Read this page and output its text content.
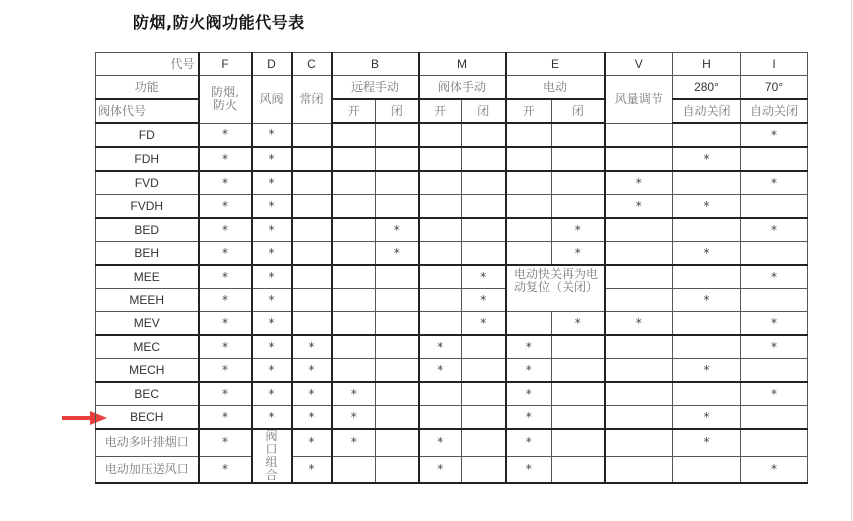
防烟,防火阀功能代号表
代号	F	D	C	B		M		E		V	H	I
功能	防烟,防火	风阀	常闭	远程手动		阀体手动		电动		风量调节	280°	70°
阀体代号				开	闭	开	闭	开	闭		自动关闭	自动关闭
FD	*	*										*
FDH	*	*									*	
FVD	*	*								*		*
FVDH	*	*								*	*	
BED	*	*			*				*			*
BEH	*	*			*				*		*	
MEE	*	*					*	电动快关再为电动复位（关闭）				*
MEEH	*	*					*				*	
MEV	*	*					*		*	*		*
MEC	*	*	*			*		*				*
MECH	*	*	*			*		*			*	
BEC	*	*	*	*				*				*
BECH	*	*	*	*				*			*	
电动多叶排烟口	*	阀口组合	*	*		*		*			*	
电动加压送风口	*		*			*		*				*
